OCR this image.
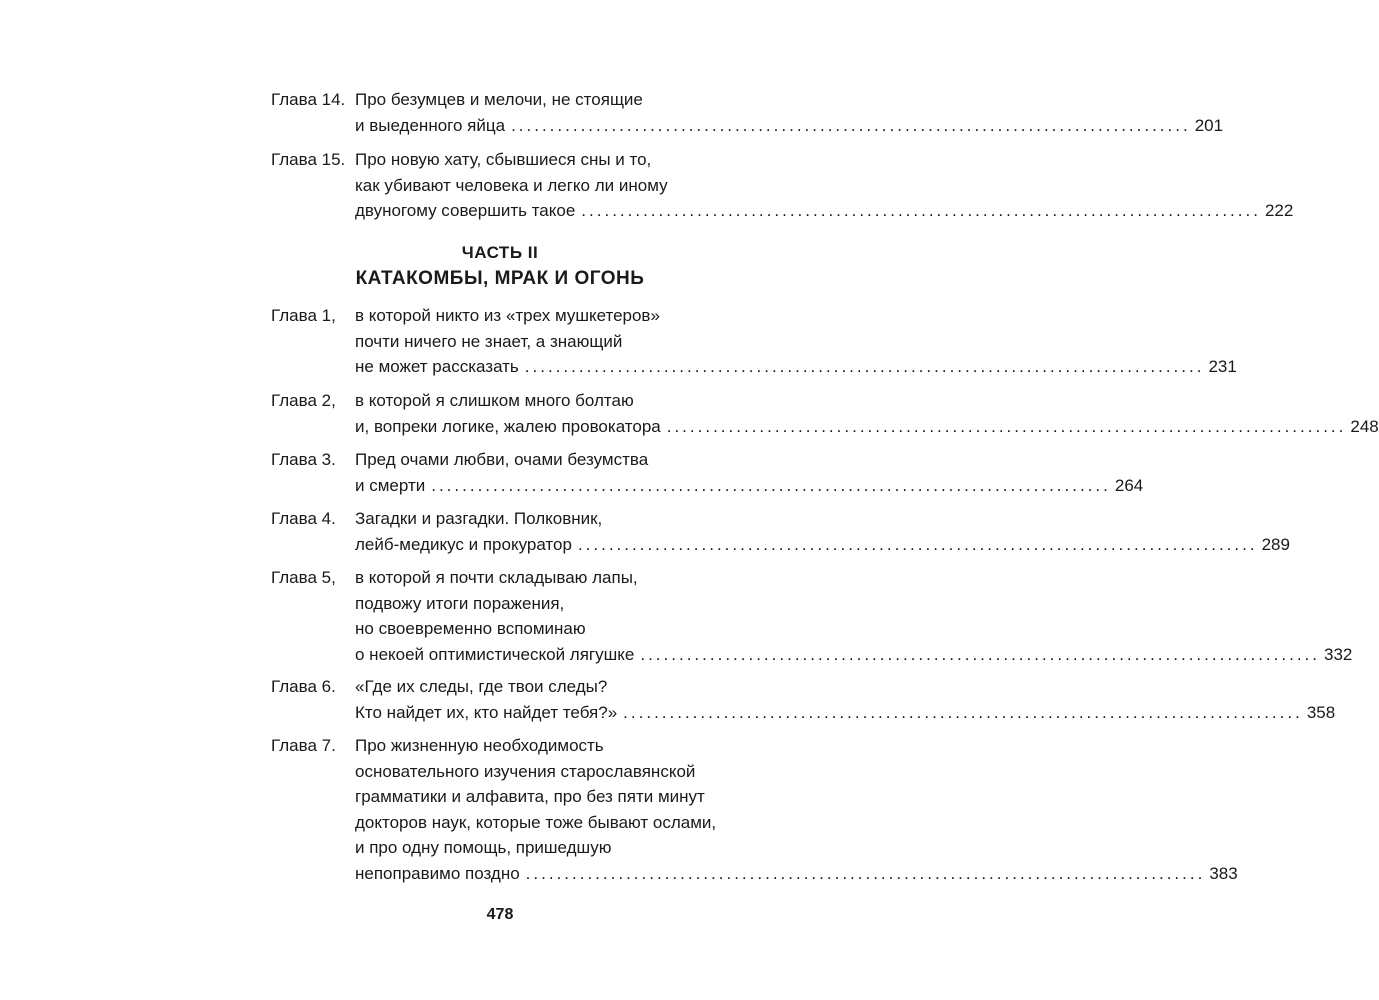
Глава 14. Про безумцев и мелочи, не стоящие
и выеденного яйца ........................................................................................ 201
Глава 15. Про новую хату, сбывшиеся сны и то,
как убивают человека и легко ли иному
двуногому совершить такое ........................................................................................ 222
ЧАСТЬ II
КАТАКОМБЫ, МРАК И ОГОНЬ
Глава 1, в которой никто из «трех мушкетеров»
почти ничего не знает, а знающий
не может рассказать ........................................................................................ 231
Глава 2, в которой я слишком много болтаю
и, вопреки логике, жалею провокатора ........................................................................................ 248
Глава 3. Пред очами любви, очами безумства
и смерти ........................................................................................ 264
Глава 4. Загадки и разгадки. Полковник,
лейб-медикус и прокуратор ........................................................................................ 289
Глава 5, в которой я почти складываю лапы,
подвожу итоги поражения,
но своевременно вспоминаю
о некоей оптимистической лягушке ........................................................................................ 332
Глава 6. «Где их следы, где твои следы?
Кто найдет их, кто найдет тебя?» ........................................................................................ 358
Глава 7. Про жизненную необходимость
основательного изучения старославянской
грамматики и алфавита, про без пяти минут
докторов наук, которые тоже бывают ослами,
и про одну помощь, пришедшую
непоправимо поздно ........................................................................................ 383
478
